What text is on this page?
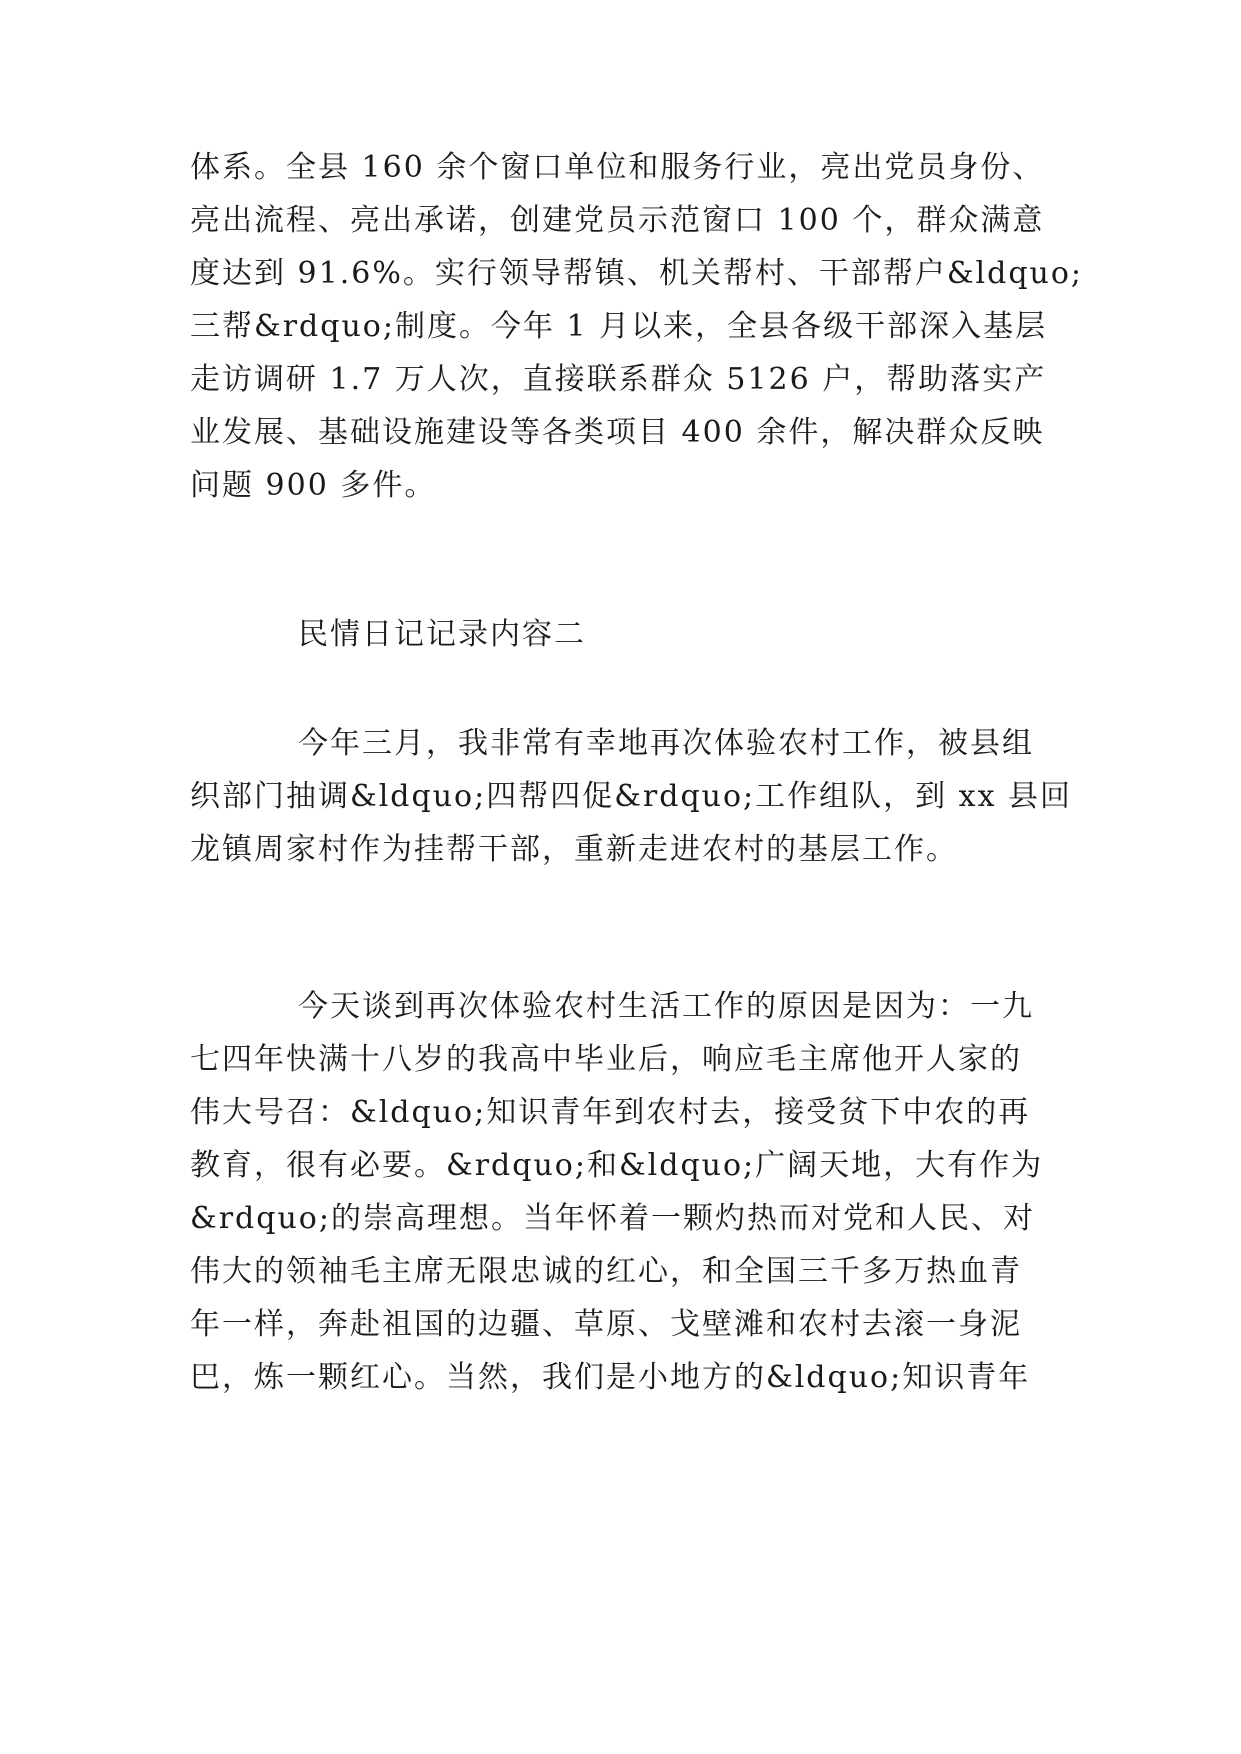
体系。全县 160 余个窗口单位和服务行业，亮出党员身份、
亮出流程、亮出承诺，创建党员示范窗口 100 个，群众满意
度达到 91.6%。实行领导帮镇、机关帮村、干部帮户&ldquo;
三帮&rdquo;制度。今年 1 月以来，全县各级干部深入基层
走访调研 1.7 万人次，直接联系群众 5126 户，帮助落实产
业发展、基础设施建设等各类项目 400 余件，解决群众反映
问题 900 多件。
民情日记记录内容二
今年三月，我非常有幸地再次体验农村工作，被县组
织部门抽调&ldquo;四帮四促&rdquo;工作组队，到 xx 县回
龙镇周家村作为挂帮干部，重新走进农村的基层工作。
今天谈到再次体验农村生活工作的原因是因为：一九
七四年快满十八岁的我高中毕业后，响应毛主席他开人家的
伟大号召：&ldquo;知识青年到农村去，接受贫下中农的再
教育，很有必要。&rdquo;和&ldquo;广阔天地，大有作为
&rdquo;的崇高理想。当年怀着一颗灼热而对党和人民、对
伟大的领袖毛主席无限忠诚的红心，和全国三千多万热血青
年一样，奔赴祖国的边疆、草原、戈壁滩和农村去滚一身泥
巴，炼一颗红心。当然，我们是小地方的&ldquo;知识青年
